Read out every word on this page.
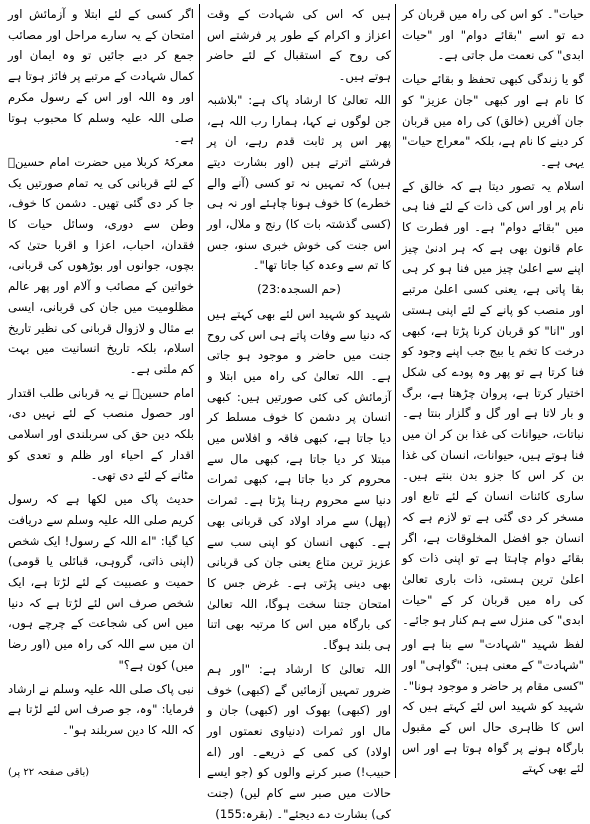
حیات"۔ کو اس کی راہ میں قربان کر دے تو اسے "بقائے دوام" اور "حیات ابدی" کی نعمت مل جاتی ہے۔

گو یا زندگی کبھی تحفظ و بقائے حیات کا نام ہے اور کبھی "جان عزیز" کو جان آفریں (خالق) کی راہ میں قربان کر دینے کا نام ہے، بلکہ "معراج حیات" یہی ہے۔

اسلام یہ تصور دیتا ہے کہ خالق کے نام پر اور اس کی ذات کے لئے فنا ہی میں "بقائے دوام" ہے۔ اور فطرت کا عام قانون بھی ہے کہ ہر ادنیٰ چیز اپنے سے اعلیٰ چیز میں فنا ہو کر ہی بقا پاتی ہے، یعنی کسی اعلیٰ مرتبے اور منصب کو پانے کے لئے اپنی ہستی اور "انا" کو قربان کرنا پڑتا ہے، کبھی درخت کا تخم یا بیج جب اپنے وجود کو فنا کرتا ہے تو پھر وہ پودے کی شکل اختیار کرتا ہے، پروان چڑھتا ہے، برگ و بار لاتا ہے اور گل و گلزار بنتا ہے۔ نباتات، حیوانات کی غذا بن کر ان میں فنا ہوتے ہیں، حیوانات، انسان کی غذا بن کر اس کا جزو بدن بنتے ہیں۔ ساری کائنات انسان کے لئے تابع اور مسخر کر دی گئی ہے تو لازم ہے کہ انسان جو افضل المخلوقات ہے، اگر بقائے دوام چاہتا ہے تو اپنی ذات کو اعلیٰ ترین ہستی، ذات باری تعالیٰ کی راہ میں قربان کر کے "حیات ابدی" کی منزل سے ہم کنار ہو جائے۔

لفظ شہید "شہادت" سے بنا ہے اور "شہادت" کے معنی ہیں: "گواہی" اور "کسی مقام پر حاضر و موجود ہونا"۔ شہید کو شہید اس لئے کہتے ہیں کہ اس کا ظاہری حال اس کے مقبول بارگاہ ہونے پر گواہ ہوتا ہے اور اس لئے بھی کہتے

ہیں کہ اس کی شہادت کے وقت اعزاز و اکرام کے طور پر فرشتے اس کی روح کے استقبال کے لئے حاضر ہوتے ہیں۔

اللہ تعالیٰ کا ارشاد پاک ہے: "بلاشبہ جن لوگوں نے کہا، ہمارا رب اللہ ہے، پھر اس پر ثابت قدم رہے، ان پر فرشتے اترتے ہیں (اور بشارت دیتے ہیں) کہ تمہیں نہ تو کسی (آنے والے خطرے) کا خوف ہونا چاہئے اور نہ ہی (کسی گذشتہ بات کا) رنج و ملال، اور اس جنت کی خوش خبری سنو، جس کا تم سے وعدہ کیا جاتا تھا"۔

(حم السجدہ:23)

شہید کو شہید اس لئے بھی کہتے ہیں کہ دنیا سے وفات پاتے ہی اس کی روح جنت میں حاضر و موجود ہو جاتی ہے۔ اللہ تعالیٰ کی راہ میں ابتلا و آزمائش کی کئی صورتیں ہیں: کبھی انسان پر دشمن کا خوف مسلط کر دیا جاتا ہے، کبھی فاقہ و افلاس میں مبتلا کر دیا جاتا ہے، کبھی مال سے محروم کر دیا جاتا ہے، کبھی ثمرات دنیا سے محروم رہنا پڑتا ہے۔ ثمرات (پھل) سے مراد اولاد کی قربانی بھی ہے۔ کبھی انسان کو اپنی سب سے عزیز ترین متاع یعنی جان کی قربانی بھی دینی پڑتی ہے۔ غرض جس کا امتحان جتنا سخت ہوگا، اللہ تعالیٰ کی بارگاہ میں اس کا مرتبہ بھی اتنا ہی بلند ہوگا۔

اللہ تعالیٰ کا ارشاد ہے: "اور ہم ضرور تمہیں آزمائیں گے (کبھی) خوف اور (کبھی) بھوک اور (کبھی) جان و مال اور ثمرات (دنیاوی نعمتوں اور اولاد) کی کمی کے ذریعے۔ اور (اے حبیب!) صبر کرنے والوں کو (جو ایسے حالات میں صبر سے کام لیں) (جنت کی) بشارت دے دیجئے"۔ (بقرہ:155)

اگر کسی کے لئے ابتلا و آزمائش اور امتحان کے یہ سارے مراحل اور مصائب جمع کر دیے جائیں تو وہ ایمان اور کمال شہادت کے مرتبے پر فائز ہوتا ہے اور وہ اللہ اور اس کے رسول مکرم صلی اللہ علیہ وسلم کا محبوب ہوتا ہے۔

معرکۂ کربلا میں حضرت امام حسینؓ کے لئے قربانی کی یہ تمام صورتیں یک جا کر دی گئی تھیں۔ دشمن کا خوف، وطن سے دوری، وسائل حیات کا فقدان، احباب، اعزا و اقربا حتیٰ کہ بچوں، جوانوں اور بوڑھوں کی قربانی، خواتین کے مصائب و آلام اور پھر عالم مظلومیت میں جان کی قربانی، ایسی بے مثال و لازوال قربانی کی نظیر تاریخ اسلام، بلکہ تاریخ انسانیت میں بہت کم ملتی ہے۔

امام حسینؓ نے یہ قربانی طلب اقتدار اور حصول منصب کے لئے نہیں دی، بلکہ دین حق کی سربلندی اور اسلامی اقدار کے احیاء اور ظلم و تعدی کو مٹانے کے لئے دی تھی۔

حدیث پاک میں لکھا ہے کہ رسول کریم صلی اللہ علیہ وسلم سے دریافت کیا گیا: "اے اللہ کے رسول! ایک شخص (اپنی ذاتی، گروہی، قبائلی یا قومی) حمیت و عصبیت کے لئے لڑتا ہے، ایک شخص صرف اس لئے لڑتا ہے کہ دنیا میں اس کی شجاعت کے چرچے ہوں، ان میں سے اللہ کی راہ میں (اور رضا میں) کون ہے؟"

نبی پاک صلی اللہ علیہ وسلم نے ارشاد فرمایا: "وہ، جو صرف اس لئے لڑتا ہے کہ اللہ کا دین سربلند ہو"۔

(باقی صفحہ ۲۲ پر)
